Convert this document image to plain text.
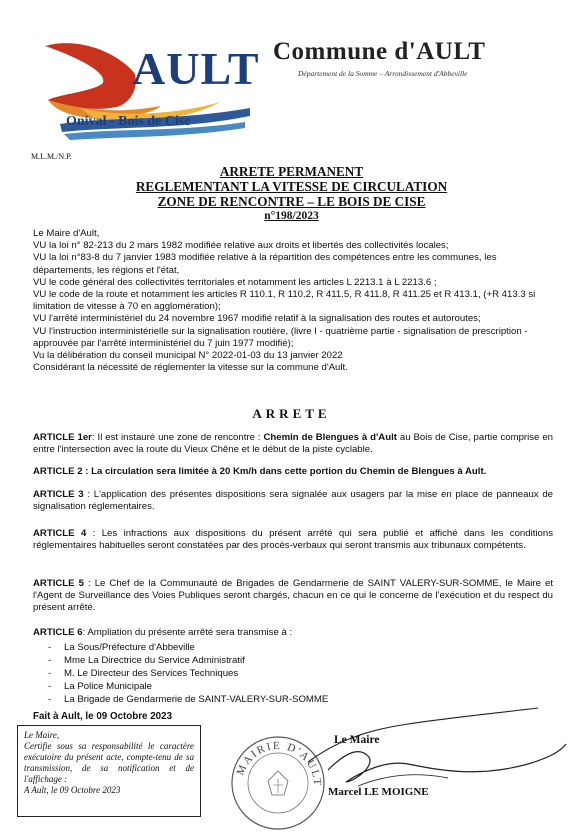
AULT
Onival - Bois de Cise
Commune d'AULT
Département de la Somme – Arrondissement d'Abbeville
M.L.M./N.P.
ARRETE PERMANENT
REGLEMENTANT LA VITESSE DE CIRCULATION
ZONE DE RENCONTRE – LE BOIS DE CISE
n°198/2023

Le Maire d'Ault,

VU la loi n° 82-213 du 2 mars 1982 modifiée relative aux droits et libertés des collectivités locales;

VU la loi n°83-8 du 7 janvier 1983 modifiée relative à la répartition des compétences entre les communes, les départements, les régions et l'état,

VU le code général des collectivités territoriales et notamment les articles L 2213.1 à L 2213.6 ;

VU le code de la route et notamment les articles R 110.1, R 110.2, R 411.5, R 411.8, R 411.25 et R 413.1, (+R 413.3 si limitation de vitesse à 70 en agglomération);

VU l'arrêté interministériel du 24 novembre 1967 modifié relatif à la signalisation des routes et autoroutes;

VU l'instruction interministérielle sur la signalisation routière, (livre I - quatrième partie - signalisation de prescription - approuvée par l'arrêté interministériel du 7 juin 1977 modifié);

Vu la délibération du conseil municipal N° 2022-01-03 du 13 janvier 2022

Considérant la nécessité de réglementer la vitesse sur la commune d'Ault.

ARRETE
ARTICLE 1er: Il est instauré une zone de rencontre : Chemin de Blengues à d'Ault au Bois de Cise, partie comprise en entre l'intersection avec la route du Vieux Chêne et le début de la piste cyclable.
ARTICLE 2 : La circulation sera limitée à 20 Km/h dans cette portion du Chemin de Blengues à Ault.
ARTICLE 3 : L'application des présentes dispositions sera signalée aux usagers par la mise en place de panneaux de signalisation réglementaires.
ARTICLE 4 : Les infractions aux dispositions du présent arrêté qui sera publié et affiché dans les conditions réglementaires habituelles seront constatées par des procès-verbaux qui seront transmis aux tribunaux compétents.
ARTICLE 5 : Le Chef de la Communauté de Brigades de Gendarmerie de SAINT VALERY-SUR-SOMME, le Maire et l'Agent de Surveillance des Voies Publiques seront chargés, chacun en ce qui le concerne de l'exécution et du respect du présent arrêté.
ARTICLE 6: Ampliation du présente arrêté sera transmise à :
- La Sous/Préfecture d'Abbeville
- Mme La Directrice du Service Administratif
- M. Le Directeur des Services Techniques
- La Police Municipale
- La Brigade de Gendarmerie de SAINT-VALERY-SUR-SOMME
Fait à Ault, le 09 Octobre 2023

Le Maire,

Certifie sous sa responsabilité le caractère exécutoire du présent acte, compte-tenu de sa transmission, de sa notification et de l'affichage :

A Ault, le 09 Octobre 2023

MAIRIE D'AULT
Le Maire
Marcel LE MOIGNE
